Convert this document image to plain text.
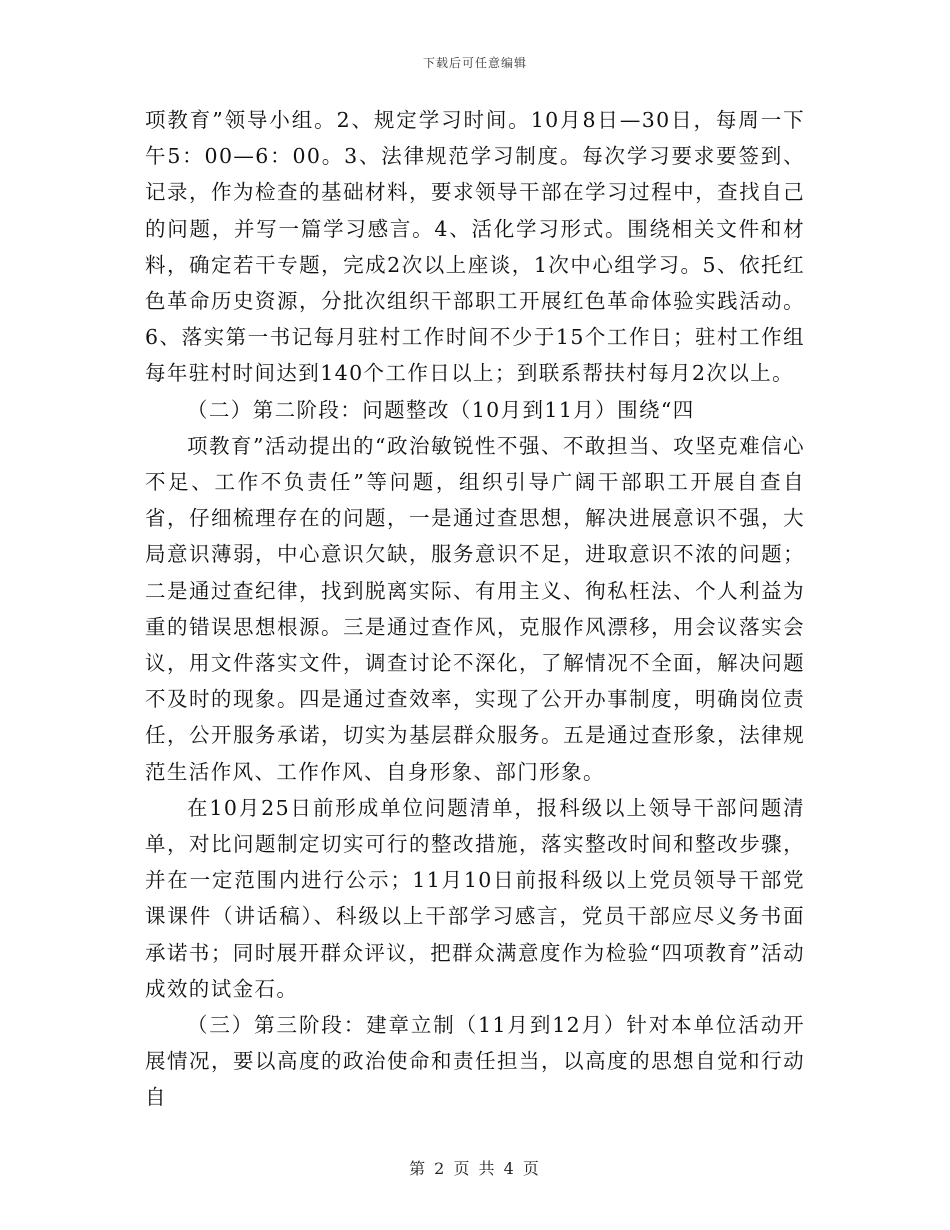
下载后可任意编辑

项教育”领导小组。2、规定学习时间。10月8日—30日，每周一下午5：00—6：00。3、法律规范学习制度。每次学习要求要签到、记录，作为检查的基础材料，要求领导干部在学习过程中，查找自己的问题，并写一篇学习感言。4、活化学习形式。围绕相关文件和材料，确定若干专题，完成2次以上座谈，1次中心组学习。5、依托红色革命历史资源，分批次组织干部职工开展红色革命体验实践活动。6、落实第一书记每月驻村工作时间不少于15个工作日；驻村工作组每年驻村时间达到140个工作日以上；到联系帮扶村每月2次以上。

（二）第二阶段：问题整改（10月到11月）围绕“四

项教育”活动提出的“政治敏锐性不强、不敢担当、攻坚克难信心不足、工作不负责任”等问题，组织引导广阔干部职工开展自查自省，仔细梳理存在的问题，一是通过查思想，解决进展意识不强，大局意识薄弱，中心意识欠缺，服务意识不足，进取意识不浓的问题；二是通过查纪律，找到脱离实际、有用主义、徇私枉法、个人利益为重的错误思想根源。三是通过查作风，克服作风漂移，用会议落实会议，用文件落实文件，调查讨论不深化，了解情况不全面，解决问题不及时的现象。四是通过查效率，实现了公开办事制度，明确岗位责任，公开服务承诺，切实为基层群众服务。五是通过查形象，法律规范生活作风、工作作风、自身形象、部门形象。

在10月25日前形成单位问题清单，报科级以上领导干部问题清单，对比问题制定切实可行的整改措施，落实整改时间和整改步骤，并在一定范围内进行公示；11月10日前报科级以上党员领导干部党课课件（讲话稿）、科级以上干部学习感言，党员干部应尽义务书面承诺书；同时展开群众评议，把群众满意度作为检验“四项教育”活动成效的试金石。

（三）第三阶段：建章立制（11月到12月）针对本单位活动开展情况，要以高度的政治使命和责任担当，以高度的思想自觉和行动自

第 2 页 共 4 页
